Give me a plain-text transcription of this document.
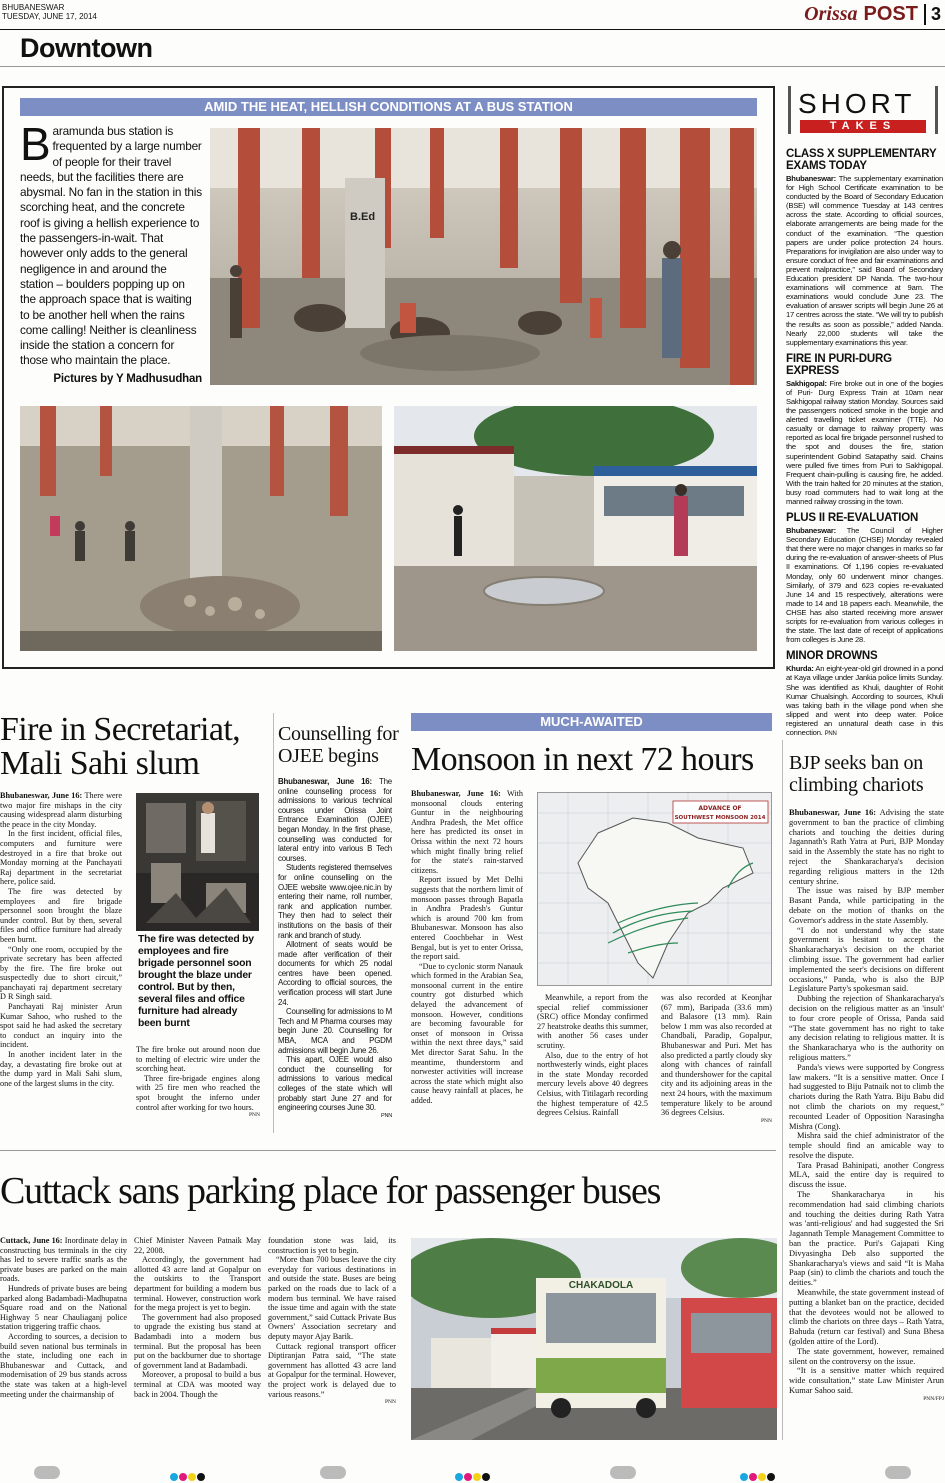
BHUBANESWAR
TUESDAY, JUNE 17, 2014	Orissa POST 3
Downtown
AMID THE HEAT, HELLISH CONDITIONS AT A BUS STATION
B aramunda bus station is frequented by a large number of people for their travel needs, but the facilities there are abysmal. No fan in the station in this scorching heat, and the concrete roof is giving a hellish experience to the passengers-in-wait. That however only adds to the general negligence in and around the station – boulders popping up on the approach space that is waiting to be another hell when the rains come calling! Neither is cleanliness inside the station a concern for those who maintain the place.
Pictures by Y Madhusudhan
B.Ed
SHORT
TAKES
CLASS X SUPPLEMENTARY EXAMS TODAY
Bhubaneswar: The supplementary examination for High School Certificate examination to be conducted by the Board of Secondary Education (BSE) will commence Tuesday at 143 centres across the state. According to official sources, elaborate arrangements are being made for the conduct of the examination. “The question papers are under police protection 24 hours. Preparations for invigilation are also under way to ensure conduct of free and fair examinations and prevent malpractice,” said Board of Secondary Education president DP Nanda. The two-hour examinations will commence at 9am. The examinations would conclude June 23. The evaluation of answer scripts will begin June 26 at 17 centres across the state. “We will try to publish the results as soon as possible,” added Nanda. Nearly 22,000 students will take the supplementary examinations this year.
FIRE IN PURI-DURG EXPRESS
Sakhigopal: Fire broke out in one of the bogies of Puri- Durg Express Train at 10am near Sakhigopal railway station Monday. Sources said the passengers noticed smoke in the bogie and alerted travelling ticket examiner (TTE). No casualty or damage to railway property was reported as local fire brigade personnel rushed to the spot and douses the fire, station superintendent Gobind Satapathy said. Chains were pulled five times from Puri to Sakhigopal. Frequent chain-pulling is causing fire, he added. With the train halted for 20 minutes at the station, busy road commuters had to wait long at the manned railway crossing in the town.
PLUS II RE-EVALUATION
Bhubaneswar: The Council of Higher Secondary Education (CHSE) Monday revealed that there were no major changes in marks so far during the re-evaluation of answer-sheets of Plus II examinations. Of 1,196 copies re-evaluated Monday, only 60 underwent minor changes. Similarly, of 379 and 623 copies re-evaluated June 14 and 15 respectively, alterations were made to 14 and 18 papers each. Meanwhile, the CHSE has also started receiving more answer scripts for re-evaluation from various colleges in the state. The last date of receipt of applications from colleges is June 28.
MINOR DROWNS
Khurda: An eight-year-old girl drowned in a pond at Kaya village under Jankia police limits Sunday. She was identified as Khuli, daughter of Rohit Kumar Chualsingh. According to sources, Khuli was taking bath in the village pond when she slipped and went into deep water. Police registered an unnatural death case in this connection. PNN
Fire in Secretariat,
Mali Sahi slum

Bhubaneswar, June 16: There were two major fire mishaps in the city causing widespread alarm disturbing the peace in the city Monday.

In the first incident, official files, computers and furniture were destroyed in a fire that broke out Monday morning at the Panchayati Raj department in the secretariat here, police said.

The fire was detected by employees and fire brigade personnel soon brought the blaze under control. But by then, several files and office furniture had already been burnt.

“Only one room, occupied by the private secretary has been affected by the fire. The fire broke out suspectedly due to short circuit,” panchayati raj department secretary D R Singh said.

Panchayati Raj minister Arun Kumar Sahoo, who rushed to the spot said he had asked the secretary to conduct an inquiry into the incident.

In another incident later in the day, a devastating fire broke out at the dump yard in Mali Sahi slum, one of the largest slums in the city.

The fire was detected by employees and fire brigade personnel soon brought the blaze under control. But by then, several files and office furniture had already been burnt

The fire broke out around noon due to melting of electric wire under the scorching heat.

Three fire-brigade engines along with 25 fire men who reached the spot brought the inferno under control after working for two hours.

PNN
Counselling for
OJEE begins

Bhubaneswar, June 16: The online counselling process for admissions to various technical courses under Orissa Joint Entrance Examination (OJEE) began Monday. In the first phase, counselling was conducted for lateral entry into various B Tech courses.

Students registered themselves for online counselling on the OJEE website www.ojee.nic.in by entering their name, roll number, rank and application number. They then had to select their institutions on the basis of their rank and branch of study.

Allotment of seats would be made after verification of their documents for which 25 nodal centres have been opened. According to official sources, the verification process will start June 24.

Counselling for admissions to M Tech and M Pharma courses may begin June 20. Counselling for MBA, MCA and PGDM admissions will begin June 26.

This apart, OJEE would also conduct the counselling for admissions to various medical colleges of the state which will probably start June 27 and for engineering courses June 30.

PNN
MUCH-AWAITED
Monsoon in next 72 hours

Bhubaneswar, June 16: With monsoonal clouds entering Guntur in the neighbouring Andhra Pradesh, the Met office here has predicted its onset in Orissa within the next 72 hours which might finally bring relief for the state's rain-starved citizens.

Report issued by Met Delhi suggests that the northern limit of monsoon passes through Bapatla in Andhra Pradesh's Guntur which is around 700 km from Bhubaneswar. Monsoon has also entered Coochbehar in West Bengal, but is yet to enter Orissa, the report said.

“Due to cyclonic storm Nanauk which formed in the Arabian Sea, monsoonal current in the entire country got disturbed which delayed the advancement of monsoon. However, conditions are becoming favourable for onset of monsoon in Orissa within the next three days,” said Met director Sarat Sahu. In the meantime, thunderstorm and norwester activities will increase across the state which might also cause heavy rainfall at places, he added.

ADVANCE OF
SOUTHWEST MONSOON 2014

Meanwhile, a report from the special relief commissioner (SRC) office Monday confirmed 27 heatstroke deaths this summer, with another 56 cases under scrutiny.

Also, due to the entry of hot northwesterly winds, eight places in the state Monday recorded mercury levels above 40 degrees Celsius, with Titilagarh recording the highest temperature of 42.5 degrees Celsius. Rainfall

was also recorded at Keonjhar (67 mm), Baripada (33.6 mm) and Balasore (13 mm). Rain below 1 mm was also recorded at Chandbali, Paradip, Gopalpur, Bhubaneswar and Puri. Met has also predicted a partly cloudy sky along with chances of rainfall and thundershower for the capital city and its adjoining areas in the next 24 hours, with the maximum temperature likely to be around 36 degrees Celsius.

PNN
BJP seeks ban on
climbing chariots

Bhubaneswar, June 16: Advising the state government to ban the practice of climbing chariots and touching the deities during Jagannath's Rath Yatra at Puri, BJP Monday said in the Assembly the state has no right to reject the Shankaracharya's decision regarding religious matters in the 12th century shrine.

The issue was raised by BJP member Basant Panda, while participating in the debate on the motion of thanks on the Governor's address in the state Assembly.

“I do not understand why the state government is hesitant to accept the Shankaracharya's decision on the chariot climbing issue. The government had earlier implemented the seer's decisions on different occasions,” Panda, who is also the BJP Legislature Party's spokesman said.

Dubbing the rejection of Shankaracharya's decision on the religious matter as an 'insult' to four crore people of Orissa, Panda said “The state government has no right to take any decision relating to religious matter. It is the Shankaracharya who is the authority on religious matters.”

Panda's views were supported by Congress law makers. “It is a sensitive matter. Once I had suggested to Biju Patnaik not to climb the chariots during the Rath Yatra. Biju Babu did not climb the chariots on my request,” recounted Leader of Opposition Narasingha Mishra (Cong).

Mishra said the chief administrator of the temple should find an amicable way to resolve the dispute.

Tara Prasad Bahinipati, another Congress MLA, said the entire day is required to discuss the issue.

The Shankaracharya in his recommendation had said climbing chariots and touching the deities during Rath Yatra was 'anti-religious' and had suggested the Sri Jagannath Temple Management Committee to ban the practice. Puri's Gajapati King Divyasingha Deb also supported the Shankaracharya's views and said “It is Maha Paap (sin) to climb the chariots and touch the deities.”

Meanwhile, the state government instead of putting a blanket ban on the practice, decided that the devotees would not be allowed to climb the chariots on three days – Rath Yatra, Bahuda (return car festival) and Suna Bhesa (golden attire of the Lord).

The state government, however, remained silent on the controversy on the issue.

“It is a sensitive matter which required wide consultation,” state Law Minister Arun Kumar Sahoo said.

PNN/FPJ
Cuttack sans parking place for passenger buses

Cuttack, June 16: Inordinate delay in constructing bus terminals in the city has led to severe traffic snarls as the private buses are parked on the main roads.

Hundreds of private buses are being parked along Badambadi-Madhupatna Square road and on the National Highway 5 near Chauliaganj police station triggering traffic chaos.

According to sources, a decision to build seven national bus terminals in the state, including one each in Bhubaneswar and Cuttack, and modernisation of 29 bus stands across the state was taken at a high-level meeting under the chairmanship of

Chief Minister Naveen Patnaik May 22, 2008.

Accordingly, the government had allotted 43 acre land at Gopalpur on the outskirts to the Transport department for building a modern bus terminal. However, construction work for the mega project is yet to begin.

The government had also proposed to upgrade the existing bus stand at Badambadi into a modern bus terminal. But the proposal has been put on the backburner due to shortage of government land at Badambadi.

Moreover, a proposal to build a bus terminal at CDA was mooted way back in 2004. Though the

foundation stone was laid, its construction is yet to begin.

“More than 700 buses leave the city everyday for various destinations in and outside the state. Buses are being parked on the roads due to lack of a modern bus terminal. We have raised the issue time and again with the state government,” said Cuttack Private Bus Owners' Association secretary and deputy mayor Ajay Barik.

Cuttack regional transport officer Diptiranjan Patra said, “The state government has allotted 43 acre land at Gopalpur for the terminal. However, the project work is delayed due to various reasons.”

PNN
CHAKADOLA
